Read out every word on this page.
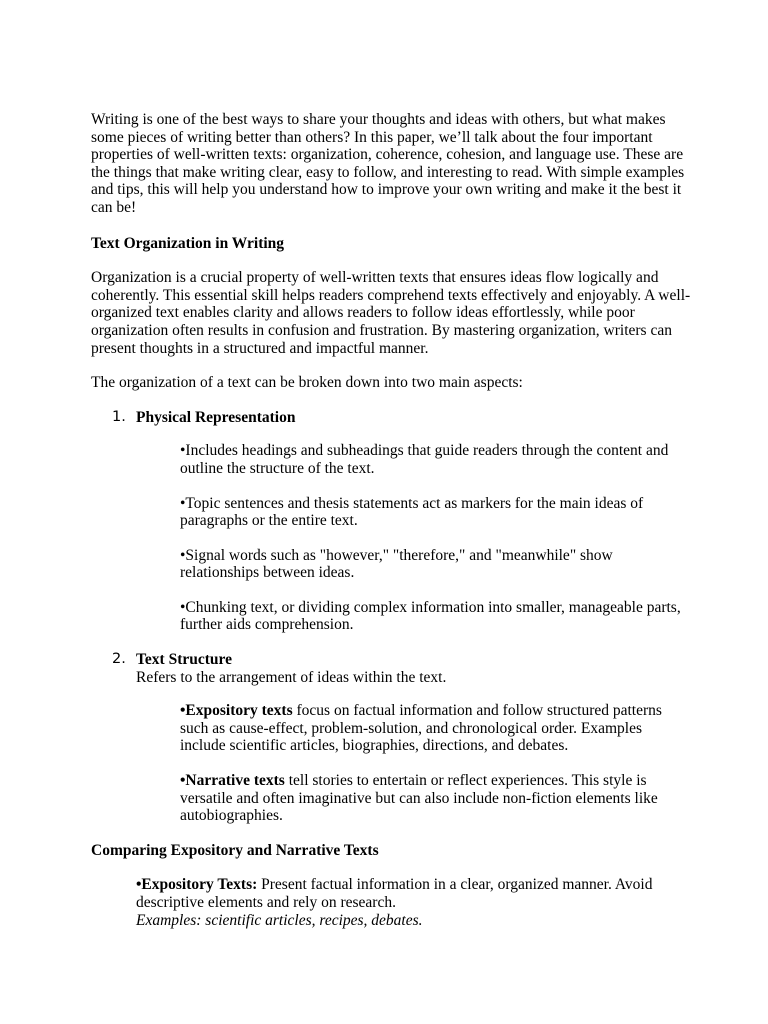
Writing is one of the best ways to share your thoughts and ideas with others, but what makes some pieces of writing better than others? In this paper, we’ll talk about the four important properties of well-written texts: organization, coherence, cohesion, and language use. These are the things that make writing clear, easy to follow, and interesting to read. With simple examples and tips, this will help you understand how to improve your own writing and make it the best it can be!

Text Organization in Writing

Organization is a crucial property of well-written texts that ensures ideas flow logically and coherently. This essential skill helps readers comprehend texts effectively and enjoyably. A well-organized text enables clarity and allows readers to follow ideas effortlessly, while poor organization often results in confusion and frustration. By mastering organization, writers can present thoughts in a structured and impactful manner.

The organization of a text can be broken down into two main aspects:

1. Physical Representation

•Includes headings and subheadings that guide readers through the content and outline the structure of the text.

•Topic sentences and thesis statements act as markers for the main ideas of paragraphs or the entire text.

•Signal words such as "however," "therefore," and "meanwhile" show relationships between ideas.

•Chunking text, or dividing complex information into smaller, manageable parts, further aids comprehension.

2. Text Structure

Refers to the arrangement of ideas within the text.

•Expository texts focus on factual information and follow structured patterns such as cause-effect, problem-solution, and chronological order. Examples include scientific articles, biographies, directions, and debates.

•Narrative texts tell stories to entertain or reflect experiences. This style is versatile and often imaginative but can also include non-fiction elements like autobiographies.

Comparing Expository and Narrative Texts

•Expository Texts: Present factual information in a clear, organized manner. Avoid descriptive elements and rely on research.

Examples: scientific articles, recipes, debates.
